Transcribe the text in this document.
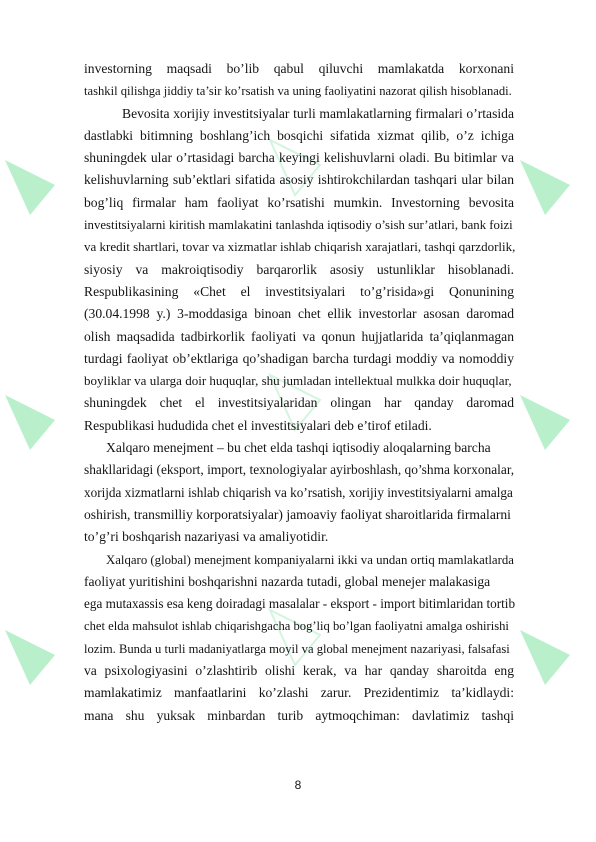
investorning maqsadi bo’lib qabul qiluvchi mamlakatda korxonani
tashkil qilishga jiddiy ta’sir ko’rsatish va uning faoliyatini nazorat qilish hisoblanadi.
Bevosita xorijiy investitsiyalar turli mamlakatlarning firmalari o’rtasida
dastlabki bitimning boshlang’ich bosqichi sifatida xizmat qilib, o’z ichiga
shuningdek ular o’rtasidagi barcha keyingi kelishuvlarni oladi. Bu bitimlar va
kelishuvlarning sub’ektlari sifatida asosiy ishtirokchilardan tashqari ular bilan
bog’liq firmalar ham faoliyat ko’rsatishi mumkin. Investorning bevosita
investitsiyalarni kiritish mamlakatini tanlashda iqtisodiy o’sish sur’atlari, bank foizi
va kredit shartlari, tovar va xizmatlar ishlab chiqarish xarajatlari, tashqi qarzdorlik,
siyosiy va makroiqtisodiy barqarorlik asosiy ustunliklar hisoblanadi.
Respublikasining «Chet el investitsiyalari to’g’risida»gi Qonunining
(30.04.1998 y.) 3-moddasiga binoan chet ellik investorlar asosan daromad
olish maqsadida tadbirkorlik faoliyati va qonun hujjatlarida ta’qiqlanmagan
turdagi faoliyat ob’ektlariga qo’shadigan barcha turdagi moddiy va nomoddiy
boyliklar va ularga doir huquqlar, shu jumladan intellektual mulkka doir huquqlar,
shuningdek chet el investitsiyalaridan olingan har qanday daromad
Respublikasi hududida chet el investitsiyalari deb e’tirof etiladi.
Xalqaro menejment – bu chet elda tashqi iqtisodiy aloqalarning barcha
shakllaridagi (eksport, import, texnologiyalar ayirboshlash, qo’shma korxonalar,
xorijda xizmatlarni ishlab chiqarish va ko’rsatish, xorijiy investitsiyalarni amalga
oshirish, transmilliy korporatsiyalar) jamoaviy faoliyat sharoitlarida firmalarni
to’g’ri boshqarish nazariyasi va amaliyotidir.
Xalqaro (global) menejment kompaniyalarni ikki va undan ortiq mamlakatlarda
faoliyat yuritishini boshqarishni nazarda tutadi, global menejer malakasiga
ega mutaxassis esa keng doiradagi masalalar - eksport - import bitimlaridan tortib
chet elda mahsulot ishlab chiqarishgacha bog’liq bo’lgan faoliyatni amalga oshirishi
lozim. Bunda u turli madaniyatlarga moyil va global menejment nazariyasi, falsafasi
va psixologiyasini o’zlashtirib olishi kerak, va har qanday sharoitda eng
mamlakatimiz manfaatlarini ko’zlashi zarur. Prezidentimiz ta’kidlaydi:
mana shu yuksak minbardan turib aytmoqchiman: davlatimiz tashqi
8
